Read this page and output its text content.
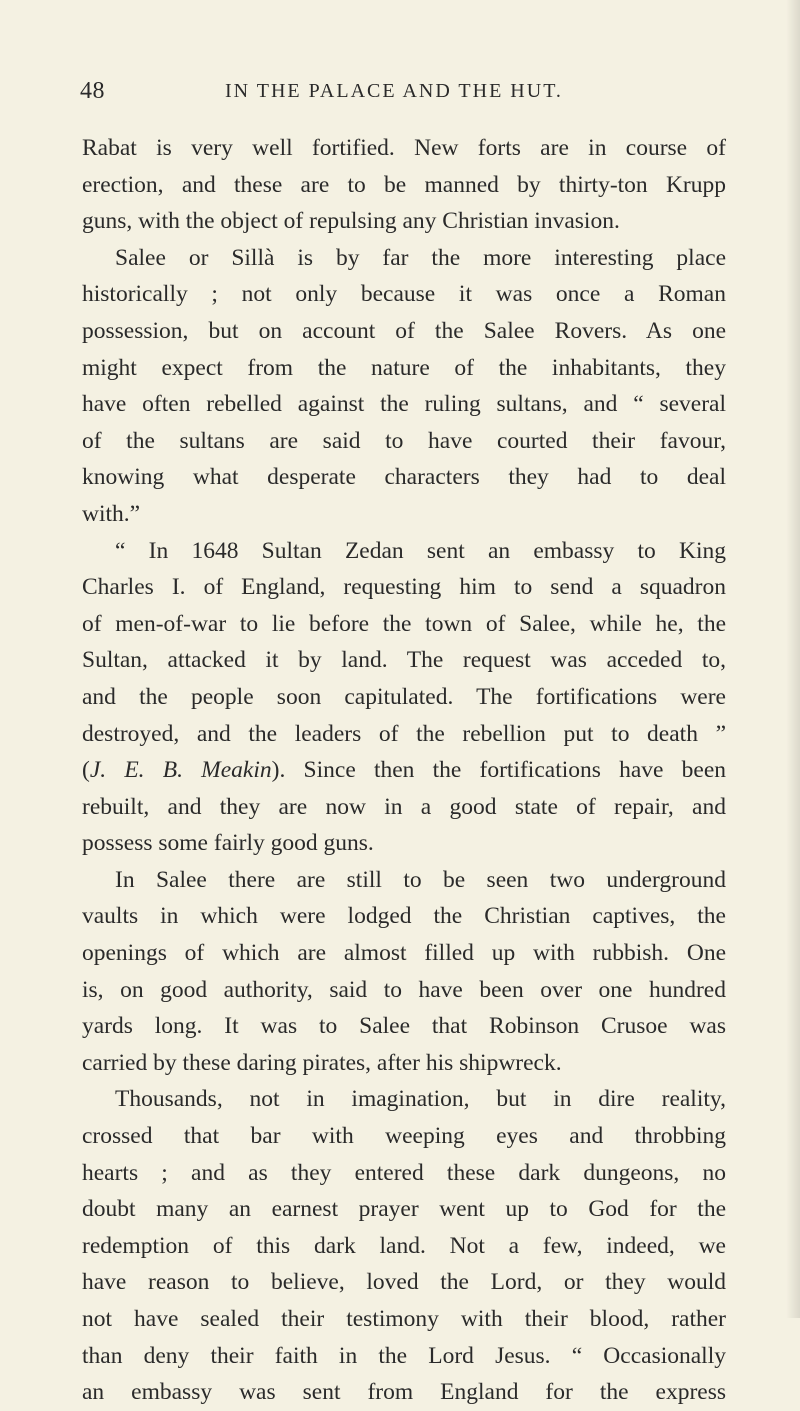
48	IN THE PALACE AND THE HUT.
Rabat is very well fortified. New forts are in course of
erection, and these are to be manned by thirty-ton Krupp
guns, with the object of repulsing any Christian invasion.
Salee or Sillà is by far the more interesting place
historically ; not only because it was once a Roman
possession, but on account of the Salee Rovers. As one
might expect from the nature of the inhabitants, they
have often rebelled against the ruling sultans, and “ several
of the sultans are said to have courted their favour,
knowing what desperate characters they had to deal
with.”
“ In 1648 Sultan Zedan sent an embassy to King
Charles I. of England, requesting him to send a squadron
of men-of-war to lie before the town of Salee, while he, the
Sultan, attacked it by land. The request was acceded to,
and the people soon capitulated. The fortifications were
destroyed, and the leaders of the rebellion put to death ”
(J. E. B. Meakin). Since then the fortifications have been
rebuilt, and they are now in a good state of repair, and
possess some fairly good guns.
In Salee there are still to be seen two underground
vaults in which were lodged the Christian captives, the
openings of which are almost filled up with rubbish. One
is, on good authority, said to have been over one hundred
yards long. It was to Salee that Robinson Crusoe was
carried by these daring pirates, after his shipwreck.
Thousands, not in imagination, but in dire reality,
crossed that bar with weeping eyes and throbbing
hearts ; and as they entered these dark dungeons, no
doubt many an earnest prayer went up to God for the
redemption of this dark land. Not a few, indeed, we
have reason to believe, loved the Lord, or they would
not have sealed their testimony with their blood, rather
than deny their faith in the Lord Jesus. “ Occasionally
an embassy was sent from England for the express
